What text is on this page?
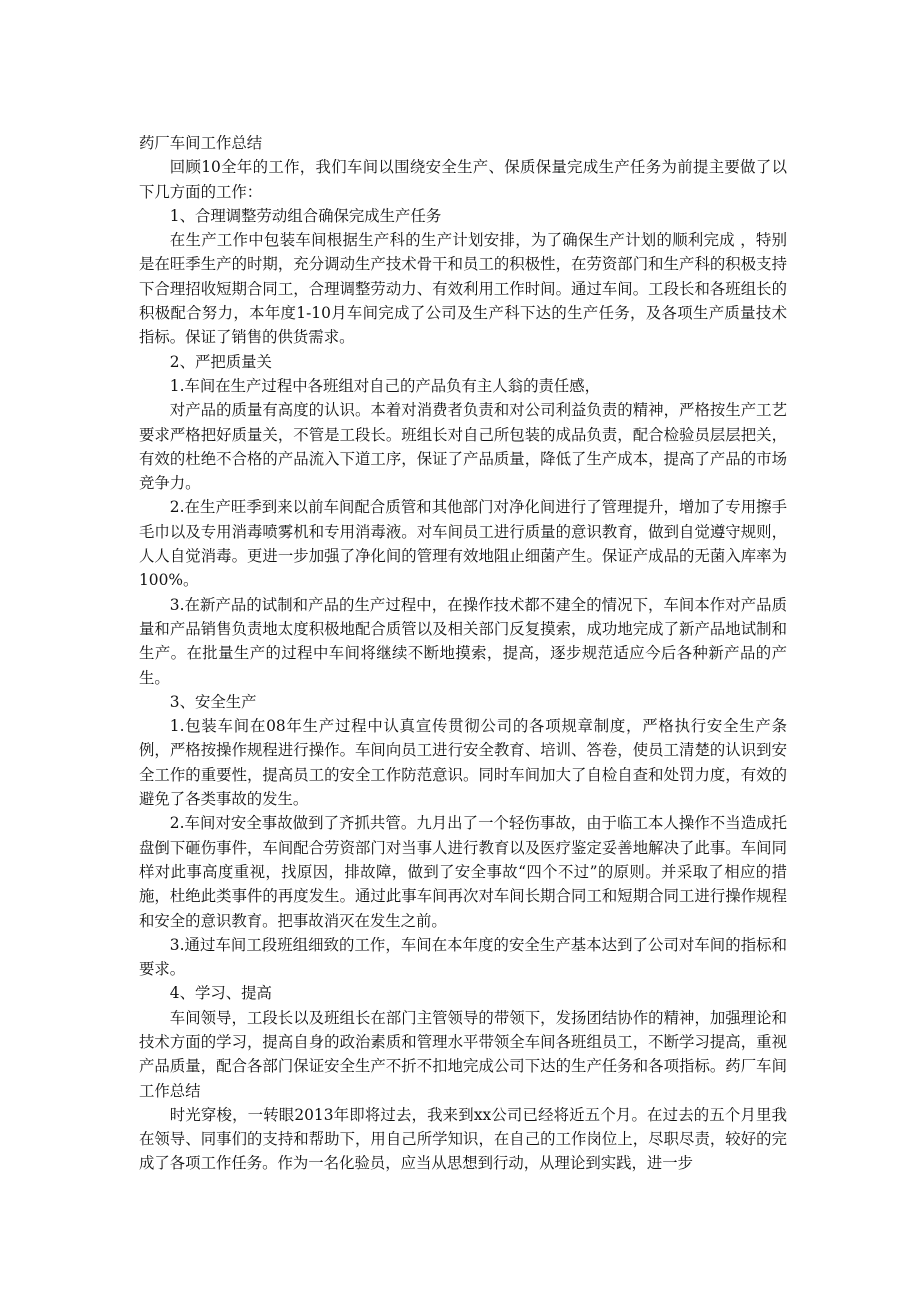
药厂车间工作总结

回顾10全年的工作，我们车间以围绕安全生产、保质保量完成生产任务为前提主要做了以下几方面的工作：

1、合理调整劳动组合确保完成生产任务

在生产工作中包装车间根据生产科的生产计划安排，为了确保生产计划的顺利完成 ，特别是在旺季生产的时期，充分调动生产技术骨干和员工的积极性，在劳资部门和生产科的积极支持下合理招收短期合同工，合理调整劳动力、有效利用工作时间。通过车间。工段长和各班组长的积极配合努力，本年度1-10月车间完成了公司及生产科下达的生产任务，及各项生产质量技术指标。保证了销售的供货需求。

2、严把质量关

1.车间在生产过程中各班组对自己的产品负有主人翁的责任感，

对产品的质量有高度的认识。本着对消费者负责和对公司利益负责的精神，严格按生产工艺要求严格把好质量关，不管是工段长。班组长对自己所包装的成品负责，配合检验员层层把关，有效的杜绝不合格的产品流入下道工序，保证了产品质量，降低了生产成本，提高了产品的市场竞争力。

2.在生产旺季到来以前车间配合质管和其他部门对净化间进行了管理提升，增加了专用擦手毛巾以及专用消毒喷雾机和专用消毒液。对车间员工进行质量的意识教育，做到自觉遵守规则，人人自觉消毒。更进一步加强了净化间的管理有效地阻止细菌产生。保证产成品的无菌入库率为100%。

3.在新产品的试制和产品的生产过程中，在操作技术都不建全的情况下，车间本作对产品质量和产品销售负责地太度积极地配合质管以及相关部门反复摸索，成功地完成了新产品地试制和生产。在批量生产的过程中车间将继续不断地摸索，提高，逐步规范适应今后各种新产品的产生。

3、安全生产

1.包装车间在08年生产过程中认真宣传贯彻公司的各项规章制度，严格执行安全生产条例，严格按操作规程进行操作。车间向员工进行安全教育、培训、答卷，使员工清楚的认识到安全工作的重要性，提高员工的安全工作防范意识。同时车间加大了自检自查和处罚力度，有效的避免了各类事故的发生。

2.车间对安全事故做到了齐抓共管。九月出了一个轻伤事故，由于临工本人操作不当造成托盘倒下砸伤事件，车间配合劳资部门对当事人进行教育以及医疗鉴定妥善地解决了此事。车间同样对此事高度重视，找原因，排故障，做到了安全事故“四个不过”的原则。并采取了相应的措施，杜绝此类事件的再度发生。通过此事车间再次对车间长期合同工和短期合同工进行操作规程和安全的意识教育。把事故消灭在发生之前。

3.通过车间工段班组细致的工作，车间在本年度的安全生产基本达到了公司对车间的指标和要求。

4、学习、提高

车间领导，工段长以及班组长在部门主管领导的带领下，发扬团结协作的精神，加强理论和技术方面的学习，提高自身的政治素质和管理水平带领全车间各班组员工，不断学习提高，重视产品质量，配合各部门保证安全生产不折不扣地完成公司下达的生产任务和各项指标。药厂车间工作总结

时光穿梭，一转眼2013年即将过去，我来到xx公司已经将近五个月。在过去的五个月里我在领导、同事们的支持和帮助下，用自己所学知识，在自己的工作岗位上，尽职尽责，较好的完成了各项工作任务。作为一名化验员，应当从思想到行动，从理论到实践，进一步
